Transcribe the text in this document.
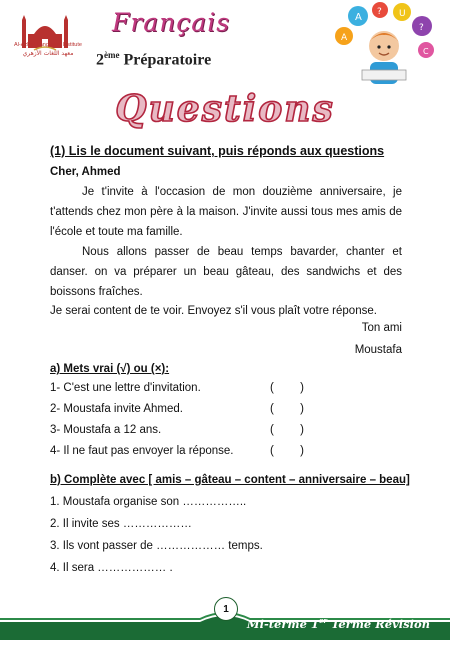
Al-Azhar Language Institute
معهد اللغات الأزهري
Français
2ème Préparatoire
A
A ? U
?
C
Questions
(1) Lis le document suivant, puis réponds aux questions
Cher, Ahmed
Je t'invite à l'occasion de mon douzième anniversaire, je t'attends chez mon père à la maison. J'invite aussi tous mes amis de l'école et toute ma famille.
Nous allons passer de beau temps bavarder, chanter et danser. on va préparer un beau gâteau, des sandwichs et des boissons fraîches.
Je serai content de te voir. Envoyez s'il vous plaît votre réponse.
Ton ami
Moustafa
a) Mets vrai (√) ou (×):
1- C'est une lettre d'invitation.	( )
2- Moustafa invite Ahmed.	( )
3- Moustafa a 12 ans.	( )
4- Il ne faut pas envoyer la réponse.	( )
b) Complète avec [ amis – gâteau – content – anniversaire – beau]
1. Moustafa organise son ……………..
2. Il invite ses ………………
3. Ils vont passer de ……………… temps.
4. Il sera ……………… .
1
Mi-terme 1er Terme Révision
